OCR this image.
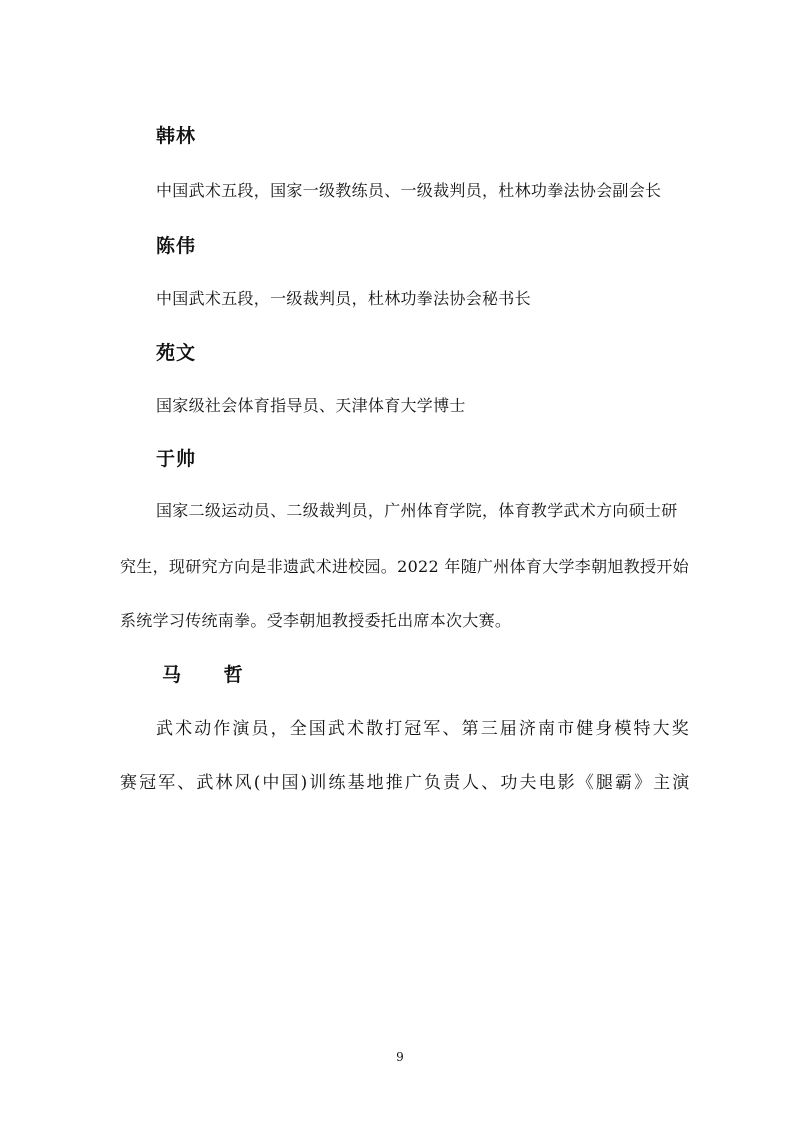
韩林
中国武术五段，国家一级教练员、一级裁判员，杜林功拳法协会副会长
陈伟
中国武术五段，一级裁判员，杜林功拳法协会秘书长
苑文
国家级社会体育指导员、天津体育大学博士
于帅
国家二级运动员、二级裁判员，广州体育学院，体育教学武术方向硕士研
究生，现研究方向是非遗武术进校园。2022 年随广州体育大学李朝旭教授开始
系统学习传统南拳。受李朝旭教授委托出席本次大赛。
马 哲
武术动作演员，全国武术散打冠军、第三届济南市健身模特大奖
赛冠军、武林风(中国)训练基地推广负责人、功夫电影《腿霸》主演
9
